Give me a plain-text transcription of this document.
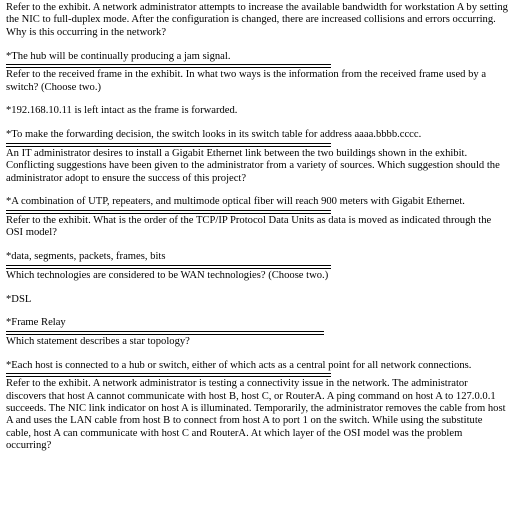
Refer to the exhibit. A network administrator attempts to increase the available bandwidth for workstation A by setting the NIC to full-duplex mode. After the configuration is changed, there are increased collisions and errors occurring. Why is this occurring in the network?

*The hub will be continually producing a jam signal.

Refer to the received frame in the exhibit. In what two ways is the information from the received frame used by a switch? (Choose two.)

*192.168.10.11 is left intact as the frame is forwarded.

*To make the forwarding decision, the switch looks in its switch table for address aaaa.bbbb.cccc.

An IT administrator desires to install a Gigabit Ethernet link between the two buildings shown in the exhibit. Conflicting suggestions have been given to the administrator from a variety of sources. Which suggestion should the administrator adopt to ensure the success of this project?

*A combination of UTP, repeaters, and multimode optical fiber will reach 900 meters with Gigabit Ethernet.

Refer to the exhibit. What is the order of the TCP/IP Protocol Data Units as data is moved as indicated through the OSI model?

*data, segments, packets, frames, bits

Which technologies are considered to be WAN technologies? (Choose two.)

*DSL

*Frame Relay

Which statement describes a star topology?

*Each host is connected to a hub or switch, either of which acts as a central point for all network connections.

Refer to the exhibit. A network administrator is testing a connectivity issue in the network. The administrator discovers that host A cannot communicate with host B, host C, or RouterA. A ping command on host A to 127.0.0.1 succeeds. The NIC link indicator on host A is illuminated. Temporarily, the administrator removes the cable from host A and uses the LAN cable from host B to connect from host A to port 1 on the switch. While using the substitute cable, host A can communicate with host C and RouterA. At which layer of the OSI model was the problem occurring?
